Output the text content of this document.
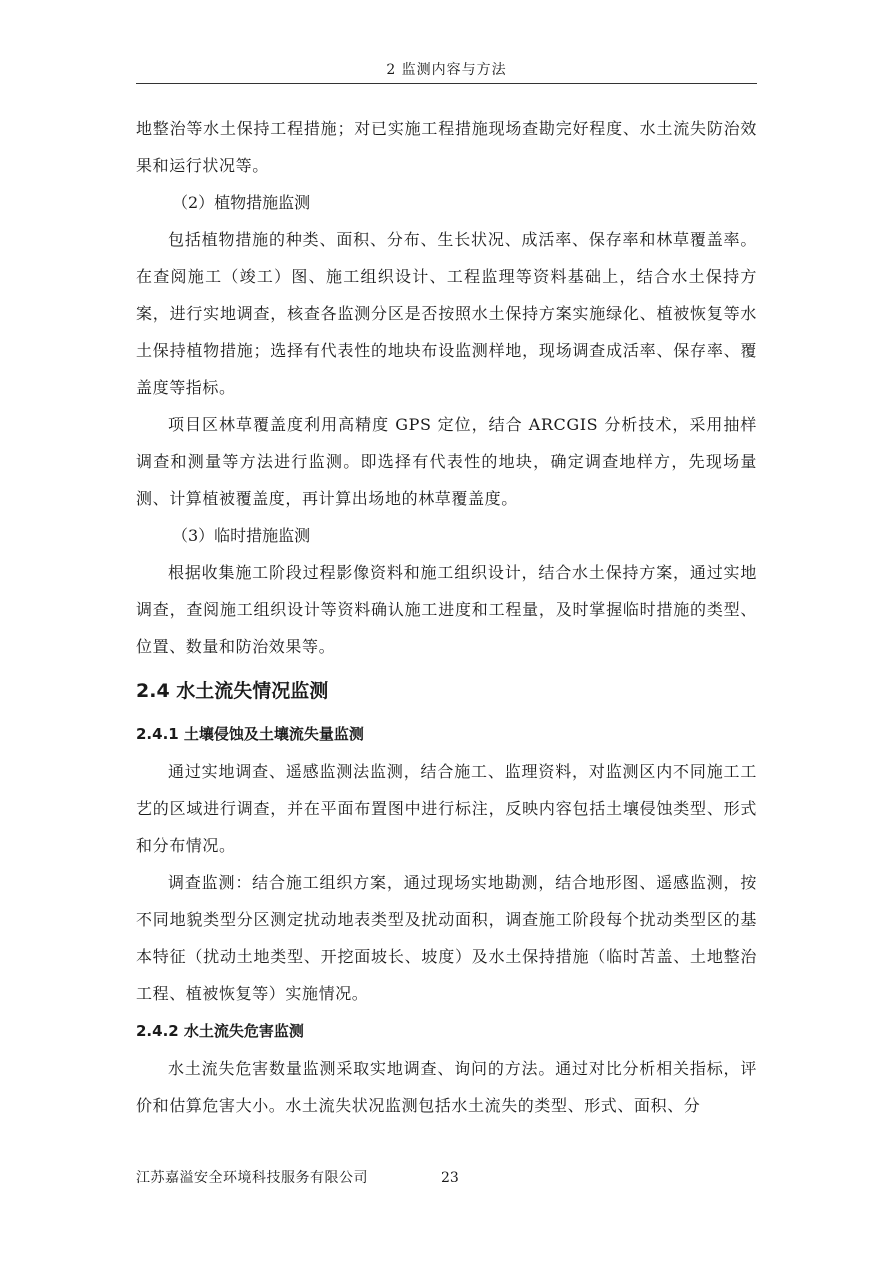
2 监测内容与方法

地整治等水土保持工程措施；对已实施工程措施现场查勘完好程度、水土流失防治效果和运行状况等。

（2）植物措施监测

包括植物措施的种类、面积、分布、生长状况、成活率、保存率和林草覆盖率。在查阅施工（竣工）图、施工组织设计、工程监理等资料基础上，结合水土保持方案，进行实地调查，核查各监测分区是否按照水土保持方案实施绿化、植被恢复等水土保持植物措施；选择有代表性的地块布设监测样地，现场调查成活率、保存率、覆盖度等指标。

项目区林草覆盖度利用高精度 GPS 定位，结合 ARCGIS 分析技术，采用抽样调查和测量等方法进行监测。即选择有代表性的地块，确定调查地样方，先现场量测、计算植被覆盖度，再计算出场地的林草覆盖度。

（3）临时措施监测

根据收集施工阶段过程影像资料和施工组织设计，结合水土保持方案，通过实地调查，查阅施工组织设计等资料确认施工进度和工程量，及时掌握临时措施的类型、位置、数量和防治效果等。

2.4 水土流失情况监测
2.4.1 土壤侵蚀及土壤流失量监测

通过实地调查、遥感监测法监测，结合施工、监理资料，对监测区内不同施工工艺的区域进行调查，并在平面布置图中进行标注，反映内容包括土壤侵蚀类型、形式和分布情况。

调查监测：结合施工组织方案，通过现场实地勘测，结合地形图、遥感监测，按不同地貌类型分区测定扰动地表类型及扰动面积，调查施工阶段每个扰动类型区的基本特征（扰动土地类型、开挖面坡长、坡度）及水土保持措施（临时苫盖、土地整治工程、植被恢复等）实施情况。

2.4.2 水土流失危害监测

水土流失危害数量监测采取实地调查、询问的方法。通过对比分析相关指标，评价和估算危害大小。水土流失状况监测包括水土流失的类型、形式、面积、分

江苏嘉溢安全环境科技服务有限公司	23
